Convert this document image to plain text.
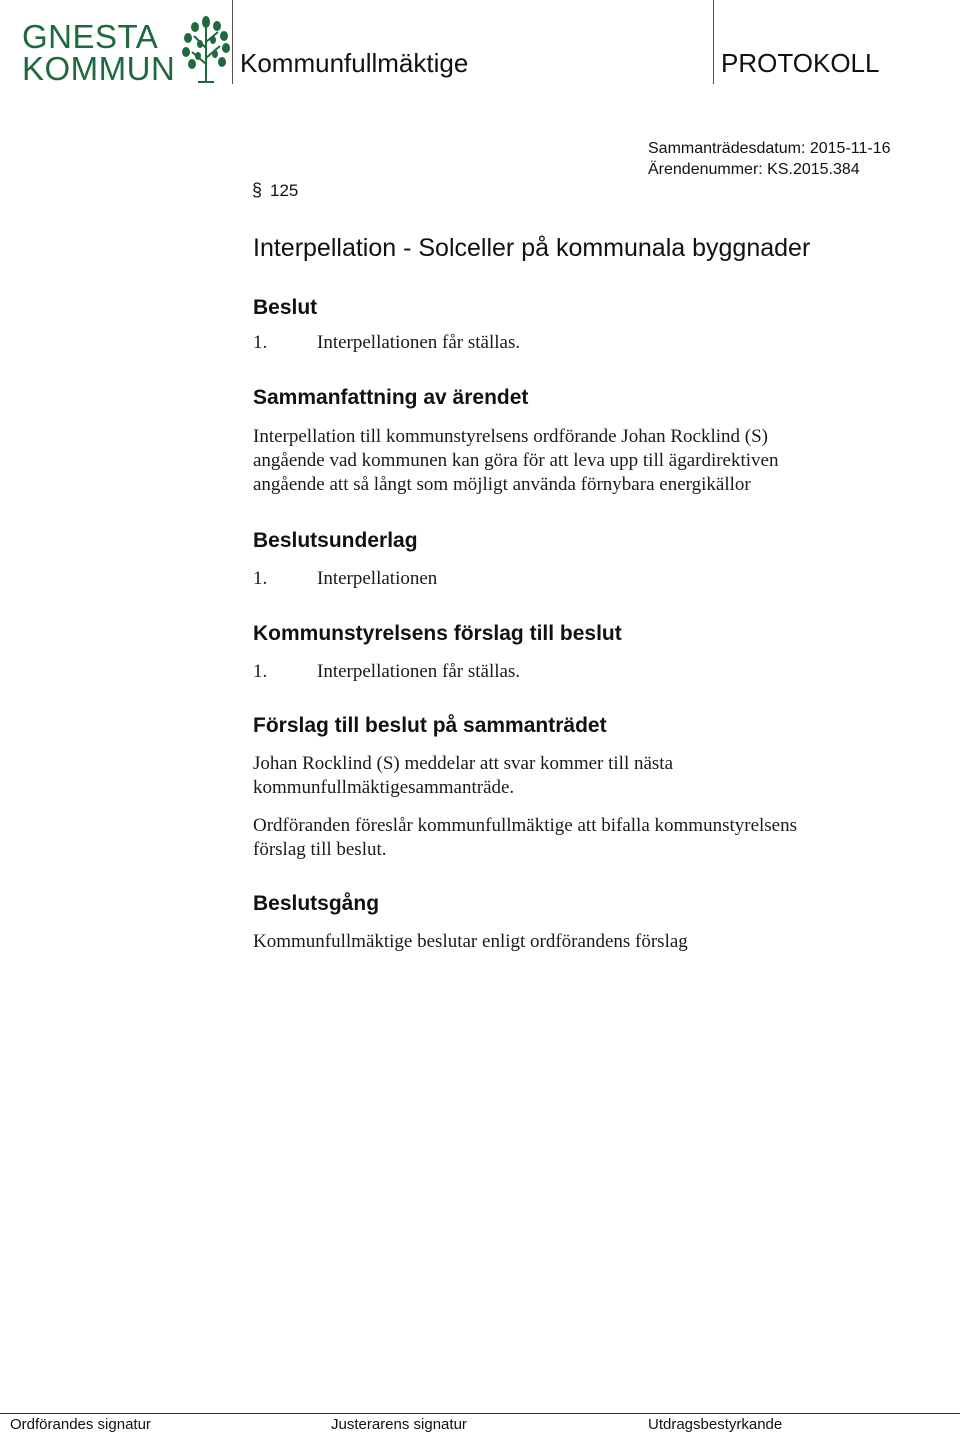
GNESTA
KOMMUN Kommunfullmäktige	PROTOKOLL
Sammanträdesdatum: 2015-11-16
Ärendenummer: KS.2015.384
§ 125
Interpellation - Solceller på kommunala byggnader
Beslut
1.	Interpellationen får ställas.
Sammanfattning av ärendet
Interpellation till kommunstyrelsens ordförande Johan Rocklind (S)
angående vad kommunen kan göra för att leva upp till ägardirektiven
angående att så långt som möjligt använda förnybara energikällor
Beslutsunderlag
1.	Interpellationen
Kommunstyrelsens förslag till beslut
1.	Interpellationen får ställas.
Förslag till beslut på sammanträdet
Johan Rocklind (S) meddelar att svar kommer till nästa
kommunfullmäktigesammanträde.
Ordföranden föreslår kommunfullmäktige att bifalla kommunstyrelsens
förslag till beslut.
Beslutsgång
Kommunfullmäktige beslutar enligt ordförandens förslag
Ordförandes signatur	Justerarens signatur	Utdragsbestyrkande
